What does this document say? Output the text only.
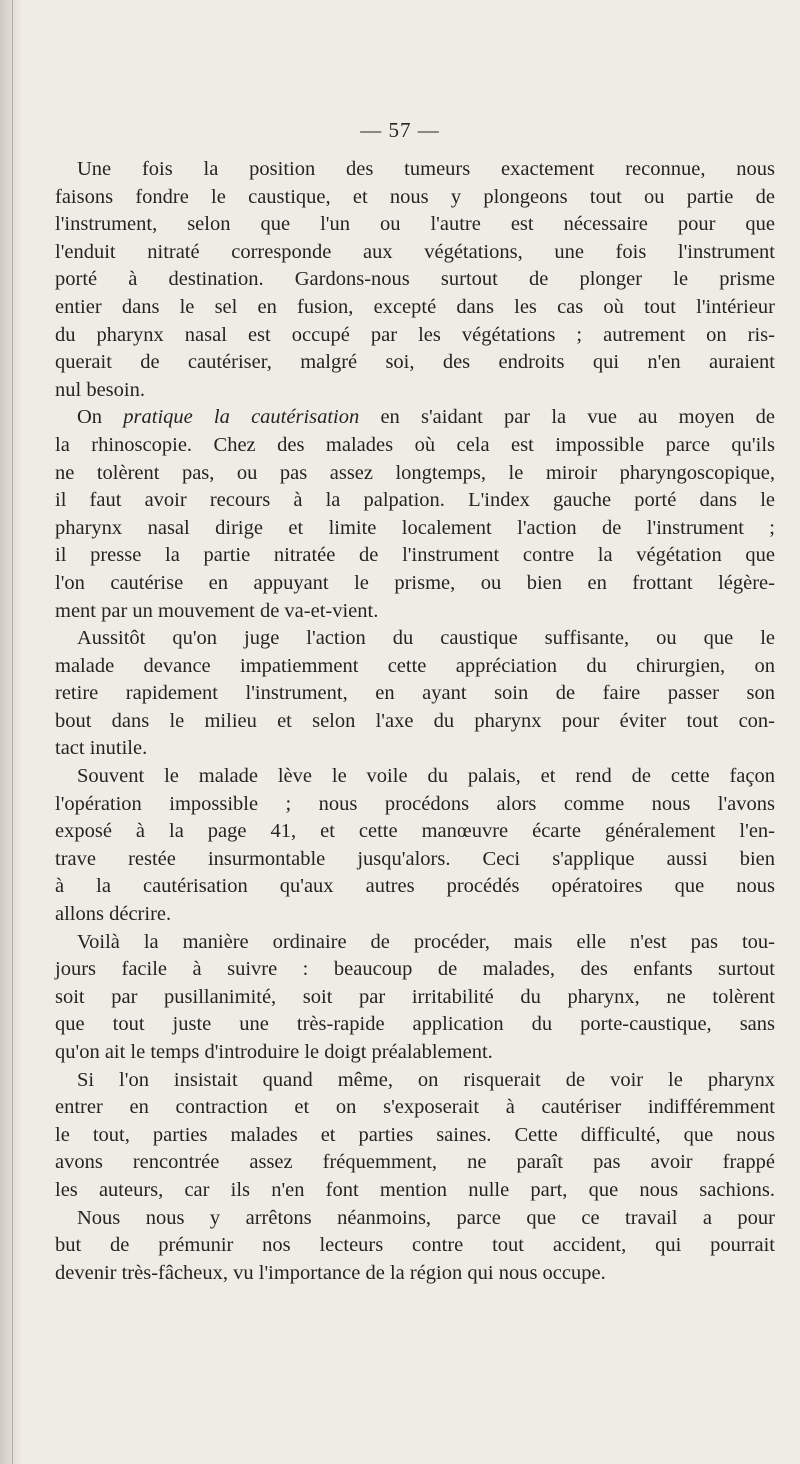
— 57 —
Une fois la position des tumeurs exactement reconnue, nous
faisons fondre le caustique, et nous y plongeons tout ou partie de
l'instrument, selon que l'un ou l'autre est nécessaire pour que
l'enduit nitraté corresponde aux végétations, une fois l'instrument
porté à destination. Gardons-nous surtout de plonger le prisme
entier dans le sel en fusion, excepté dans les cas où tout l'intérieur
du pharynx nasal est occupé par les végétations ; autrement on ris-
querait de cautériser, malgré soi, des endroits qui n'en auraient
nul besoin.
On pratique la cautérisation en s'aidant par la vue au moyen de
la rhinoscopie. Chez des malades où cela est impossible parce qu'ils
ne tolèrent pas, ou pas assez longtemps, le miroir pharyngoscopique,
il faut avoir recours à la palpation. L'index gauche porté dans le
pharynx nasal dirige et limite localement l'action de l'instrument ;
il presse la partie nitratée de l'instrument contre la végétation que
l'on cautérise en appuyant le prisme, ou bien en frottant légère-
ment par un mouvement de va-et-vient.
Aussitôt qu'on juge l'action du caustique suffisante, ou que le
malade devance impatiemment cette appréciation du chirurgien, on
retire rapidement l'instrument, en ayant soin de faire passer son
bout dans le milieu et selon l'axe du pharynx pour éviter tout con-
tact inutile.
Souvent le malade lève le voile du palais, et rend de cette façon
l'opération impossible ; nous procédons alors comme nous l'avons
exposé à la page 41, et cette manœuvre écarte généralement l'en-
trave restée insurmontable jusqu'alors. Ceci s'applique aussi bien
à la cautérisation qu'aux autres procédés opératoires que nous
allons décrire.
Voilà la manière ordinaire de procéder, mais elle n'est pas tou-
jours facile à suivre : beaucoup de malades, des enfants surtout
soit par pusillanimité, soit par irritabilité du pharynx, ne tolèrent
que tout juste une très-rapide application du porte-caustique, sans
qu'on ait le temps d'introduire le doigt préalablement.
Si l'on insistait quand même, on risquerait de voir le pharynx
entrer en contraction et on s'exposerait à cautériser indifféremment
le tout, parties malades et parties saines. Cette difficulté, que nous
avons rencontrée assez fréquemment, ne paraît pas avoir frappé
les auteurs, car ils n'en font mention nulle part, que nous sachions.
Nous nous y arrêtons néanmoins, parce que ce travail a pour
but de prémunir nos lecteurs contre tout accident, qui pourrait
devenir très-fâcheux, vu l'importance de la région qui nous occupe.
